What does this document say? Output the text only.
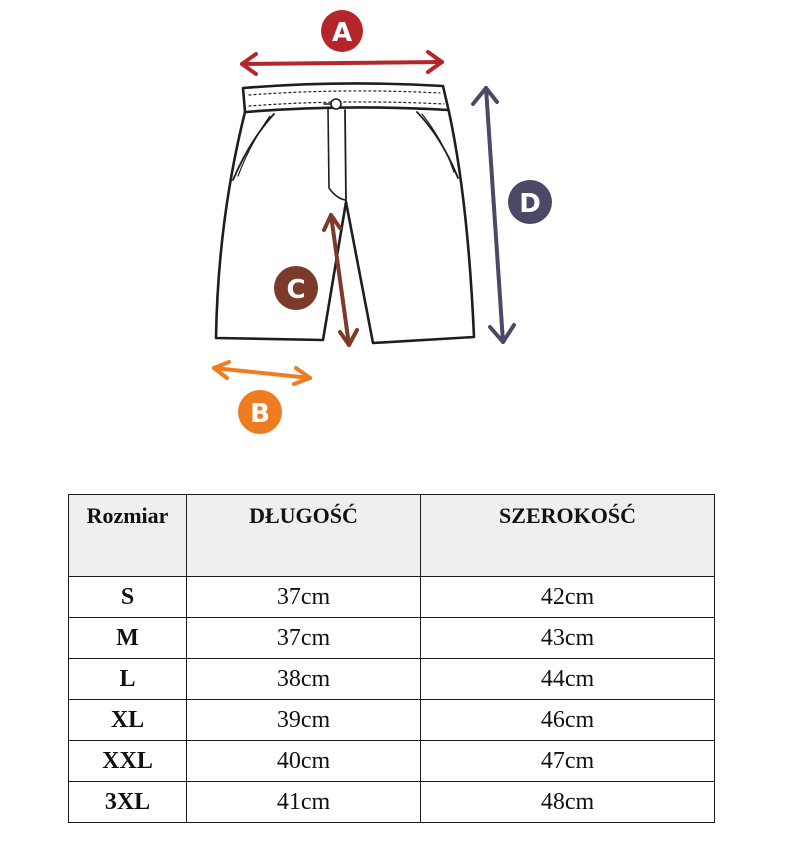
A
B
C
D
Rozmiar	DŁUGOŚĆ	SZEROKOŚĆ
S	37cm	42cm
M	37cm	43cm
L	38cm	44cm
XL	39cm	46cm
XXL	40cm	47cm
3XL	41cm	48cm
